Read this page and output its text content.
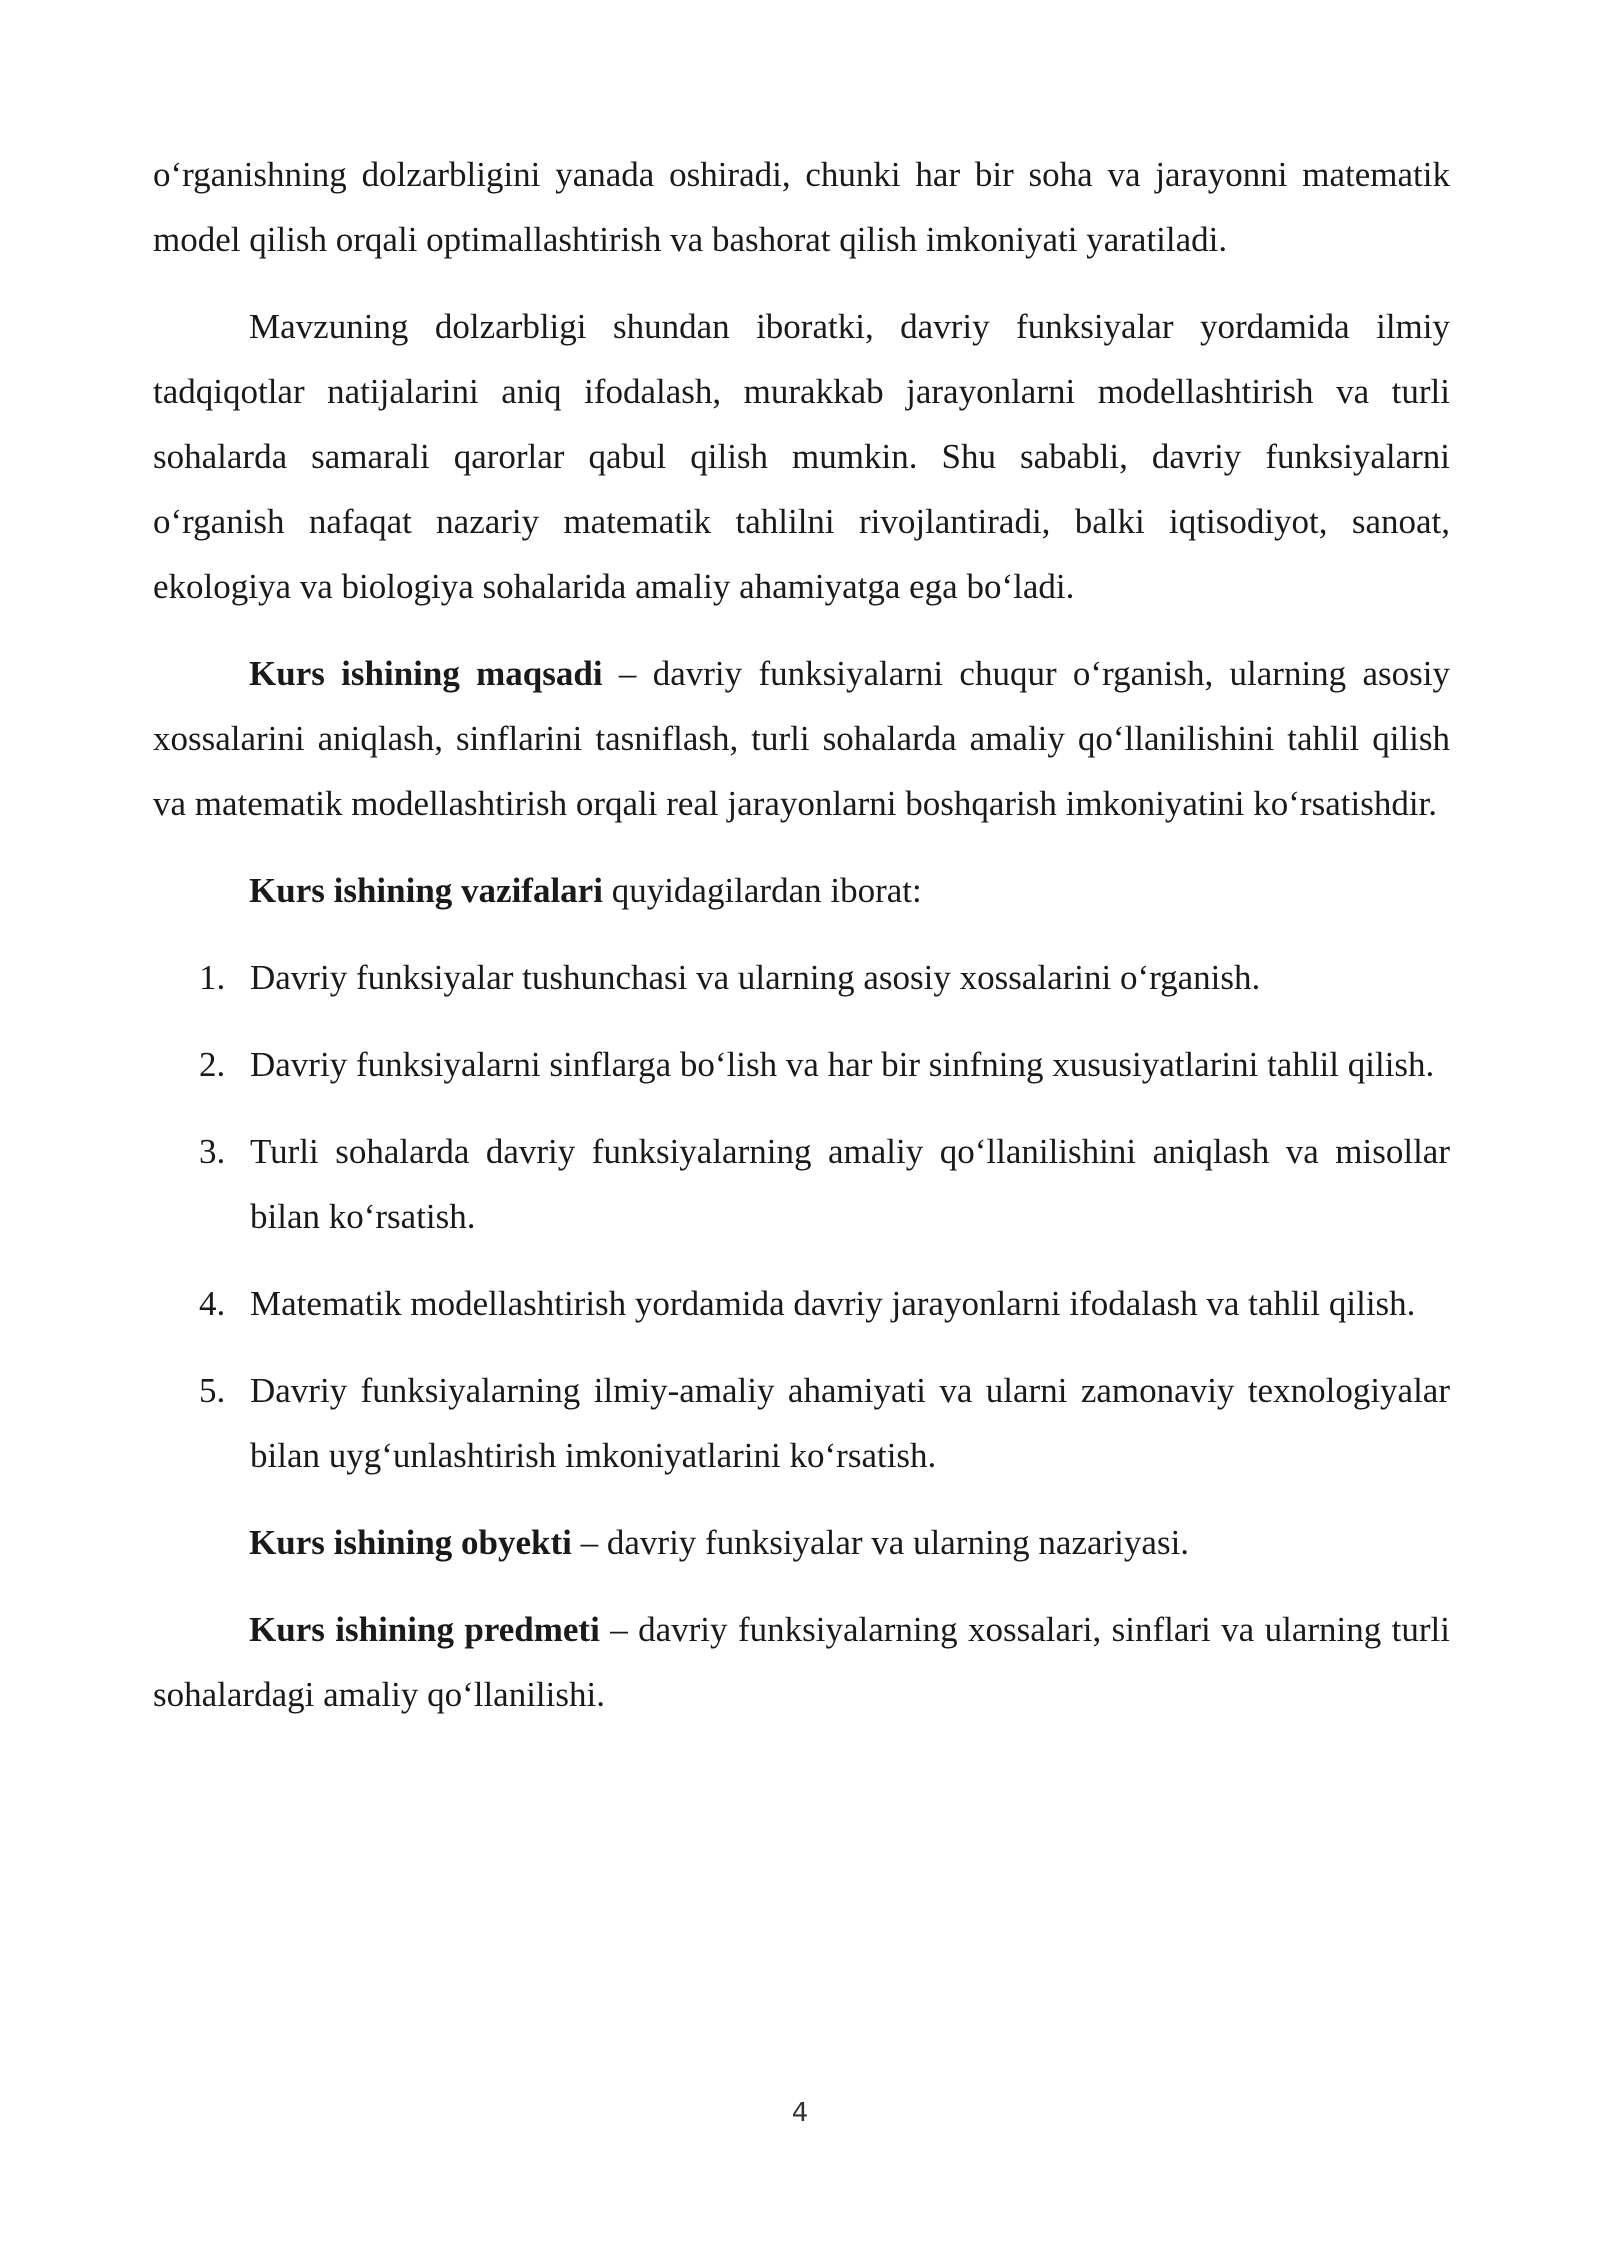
o‘rganishning dolzarbligini yanada oshiradi, chunki har bir soha va jarayonni matematik model qilish orqali optimallashtirish va bashorat qilish imkoniyati yaratiladi.

Mavzuning dolzarbligi shundan iboratki, davriy funksiyalar yordamida ilmiy tadqiqotlar natijalarini aniq ifodalash, murakkab jarayonlarni modellashtirish va turli sohalarda samarali qarorlar qabul qilish mumkin. Shu sababli, davriy funksiyalarni o‘rganish nafaqat nazariy matematik tahlilni rivojlantiradi, balki iqtisodiyot, sanoat, ekologiya va biologiya sohalarida amaliy ahamiyatga ega bo‘ladi.

Kurs ishining maqsadi – davriy funksiyalarni chuqur o‘rganish, ularning asosiy xossalarini aniqlash, sinflarini tasniflash, turli sohalarda amaliy qo‘llanilishini tahlil qilish va matematik modellashtirish orqali real jarayonlarni boshqarish imkoniyatini ko‘rsatishdir.

Kurs ishining vazifalari quyidagilardan iborat:

1. Davriy funksiyalar tushunchasi va ularning asosiy xossalarini o‘rganish.
2. Davriy funksiyalarni sinflarga bo‘lish va har bir sinfning xususiyatlarini tahlil qilish.
3. Turli sohalarda davriy funksiyalarning amaliy qo‘llanilishini aniqlash va misollar bilan ko‘rsatish.
4. Matematik modellashtirish yordamida davriy jarayonlarni ifodalash va tahlil qilish.
5. Davriy funksiyalarning ilmiy-amaliy ahamiyati va ularni zamonaviy texnologiyalar bilan uyg‘unlashtirish imkoniyatlarini ko‘rsatish.

Kurs ishining obyekti – davriy funksiyalar va ularning nazariyasi.

Kurs ishining predmeti – davriy funksiyalarning xossalari, sinflari va ularning turli sohalardagi amaliy qo‘llanilishi.

4
